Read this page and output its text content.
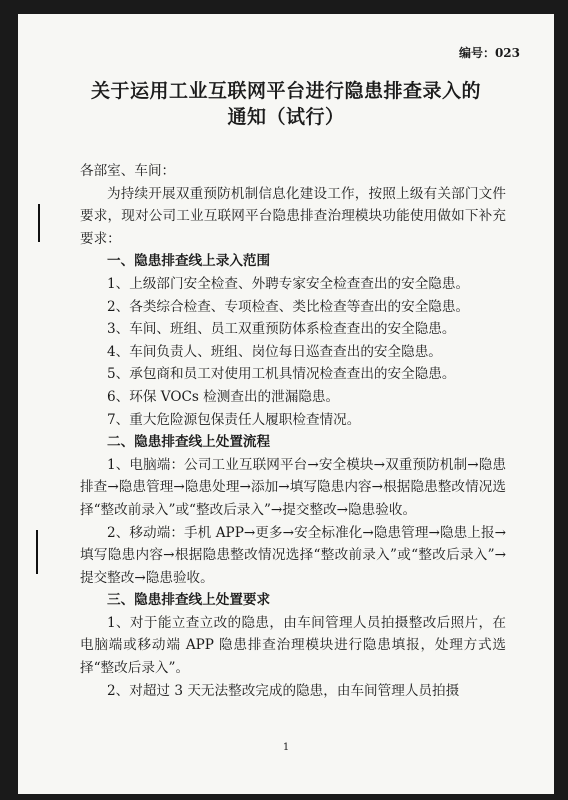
编号：023
关于运用工业互联网平台进行隐患排查录入的
通知（试行）

各部室、车间：

为持续开展双重预防机制信息化建设工作，按照上级有关部门文件要求，现对公司工业互联网平台隐患排查治理模块功能使用做如下补充要求：

一、隐患排查线上录入范围

1、上级部门安全检查、外聘专家安全检查查出的安全隐患。

2、各类综合检查、专项检查、类比检查等查出的安全隐患。

3、车间、班组、员工双重预防体系检查查出的安全隐患。

4、车间负责人、班组、岗位每日巡查查出的安全隐患。

5、承包商和员工对使用工机具情况检查查出的安全隐患。

6、环保 VOCs 检测查出的泄漏隐患。

7、重大危险源包保责任人履职检查情况。

二、隐患排查线上处置流程

1、电脑端：公司工业互联网平台→安全模块→双重预防机制→隐患排查→隐患管理→隐患处理→添加→填写隐患内容→根据隐患整改情况选择“整改前录入”或“整改后录入”→提交整改→隐患验收。

2、移动端：手机 APP→更多→安全标准化→隐患管理→隐患上报→填写隐患内容→根据隐患整改情况选择“整改前录入”或“整改后录入”→提交整改→隐患验收。

三、隐患排查线上处置要求

1、对于能立查立改的隐患，由车间管理人员拍摄整改后照片，在电脑端或移动端 APP 隐患排查治理模块进行隐患填报，处理方式选择“整改后录入”。

2、对超过 3 天无法整改完成的隐患，由车间管理人员拍摄

1
